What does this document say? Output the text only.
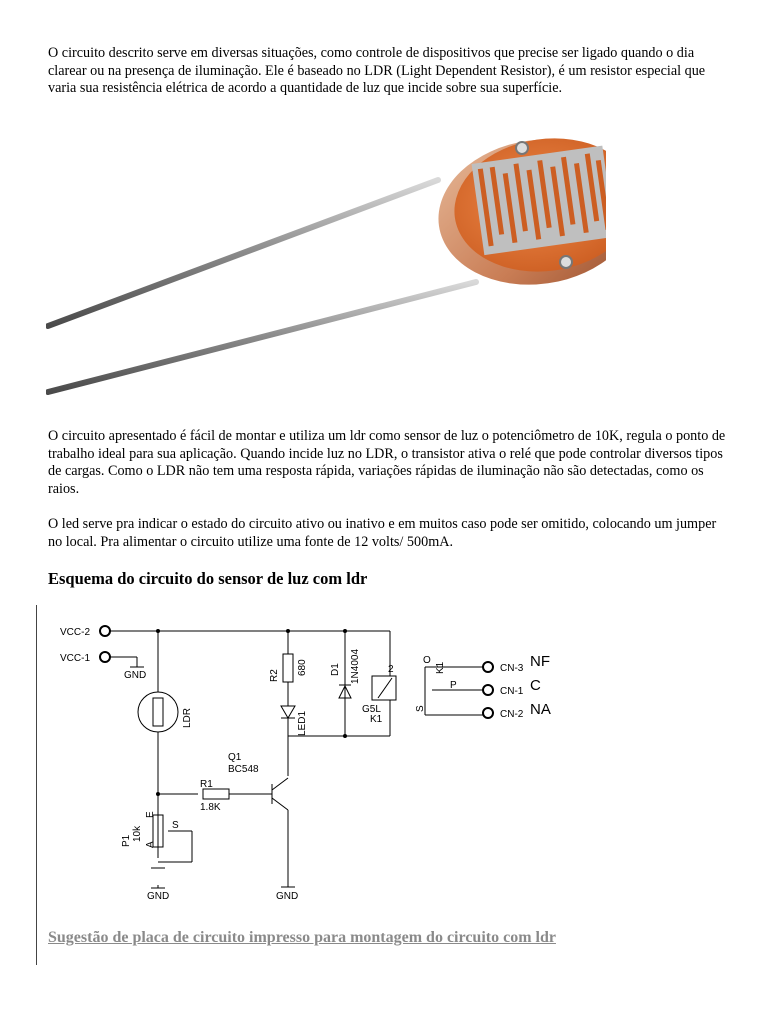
O circuito descrito serve em diversas situações, como controle de dispositivos que precise ser ligado quando o dia clarear ou na presença de iluminação. Ele é baseado no LDR (Light Dependent Resistor), é um resistor especial que varia sua resistência elétrica de acordo a quantidade de luz que incide sobre sua superfície.

O circuito apresentado é fácil de montar e utiliza um ldr como sensor de luz o potenciômetro de 10K, regula o ponto de trabalho ideal para sua aplicação. Quando incide luz no LDR, o transistor ativa o relé que pode controlar diversos tipos de cargas. Como o LDR não tem uma resposta rápida, variações rápidas de iluminação não são detectadas, como os raios.

O led serve pra indicar o estado do circuito ativo ou inativo e em muitos caso pode ser omitido, colocando um jumper no local. Pra alimentar o circuito utilize uma fonte de 12 volts/ 500mA.

Esquema do circuito do sensor de luz com ldr
VCC-2
VCC-1
GND
LDR
R2 680 D1 1N4004
LED1
Q1
BC548
R1
1.8K
P1 10k
S
E
A
GND	GND
G5L
K1
2
O
K1
P
S
CN-3
CN-1
CN-2
NF
C
NA

Sugestão de placa de circuito impresso para montagem do circuito com ldr
